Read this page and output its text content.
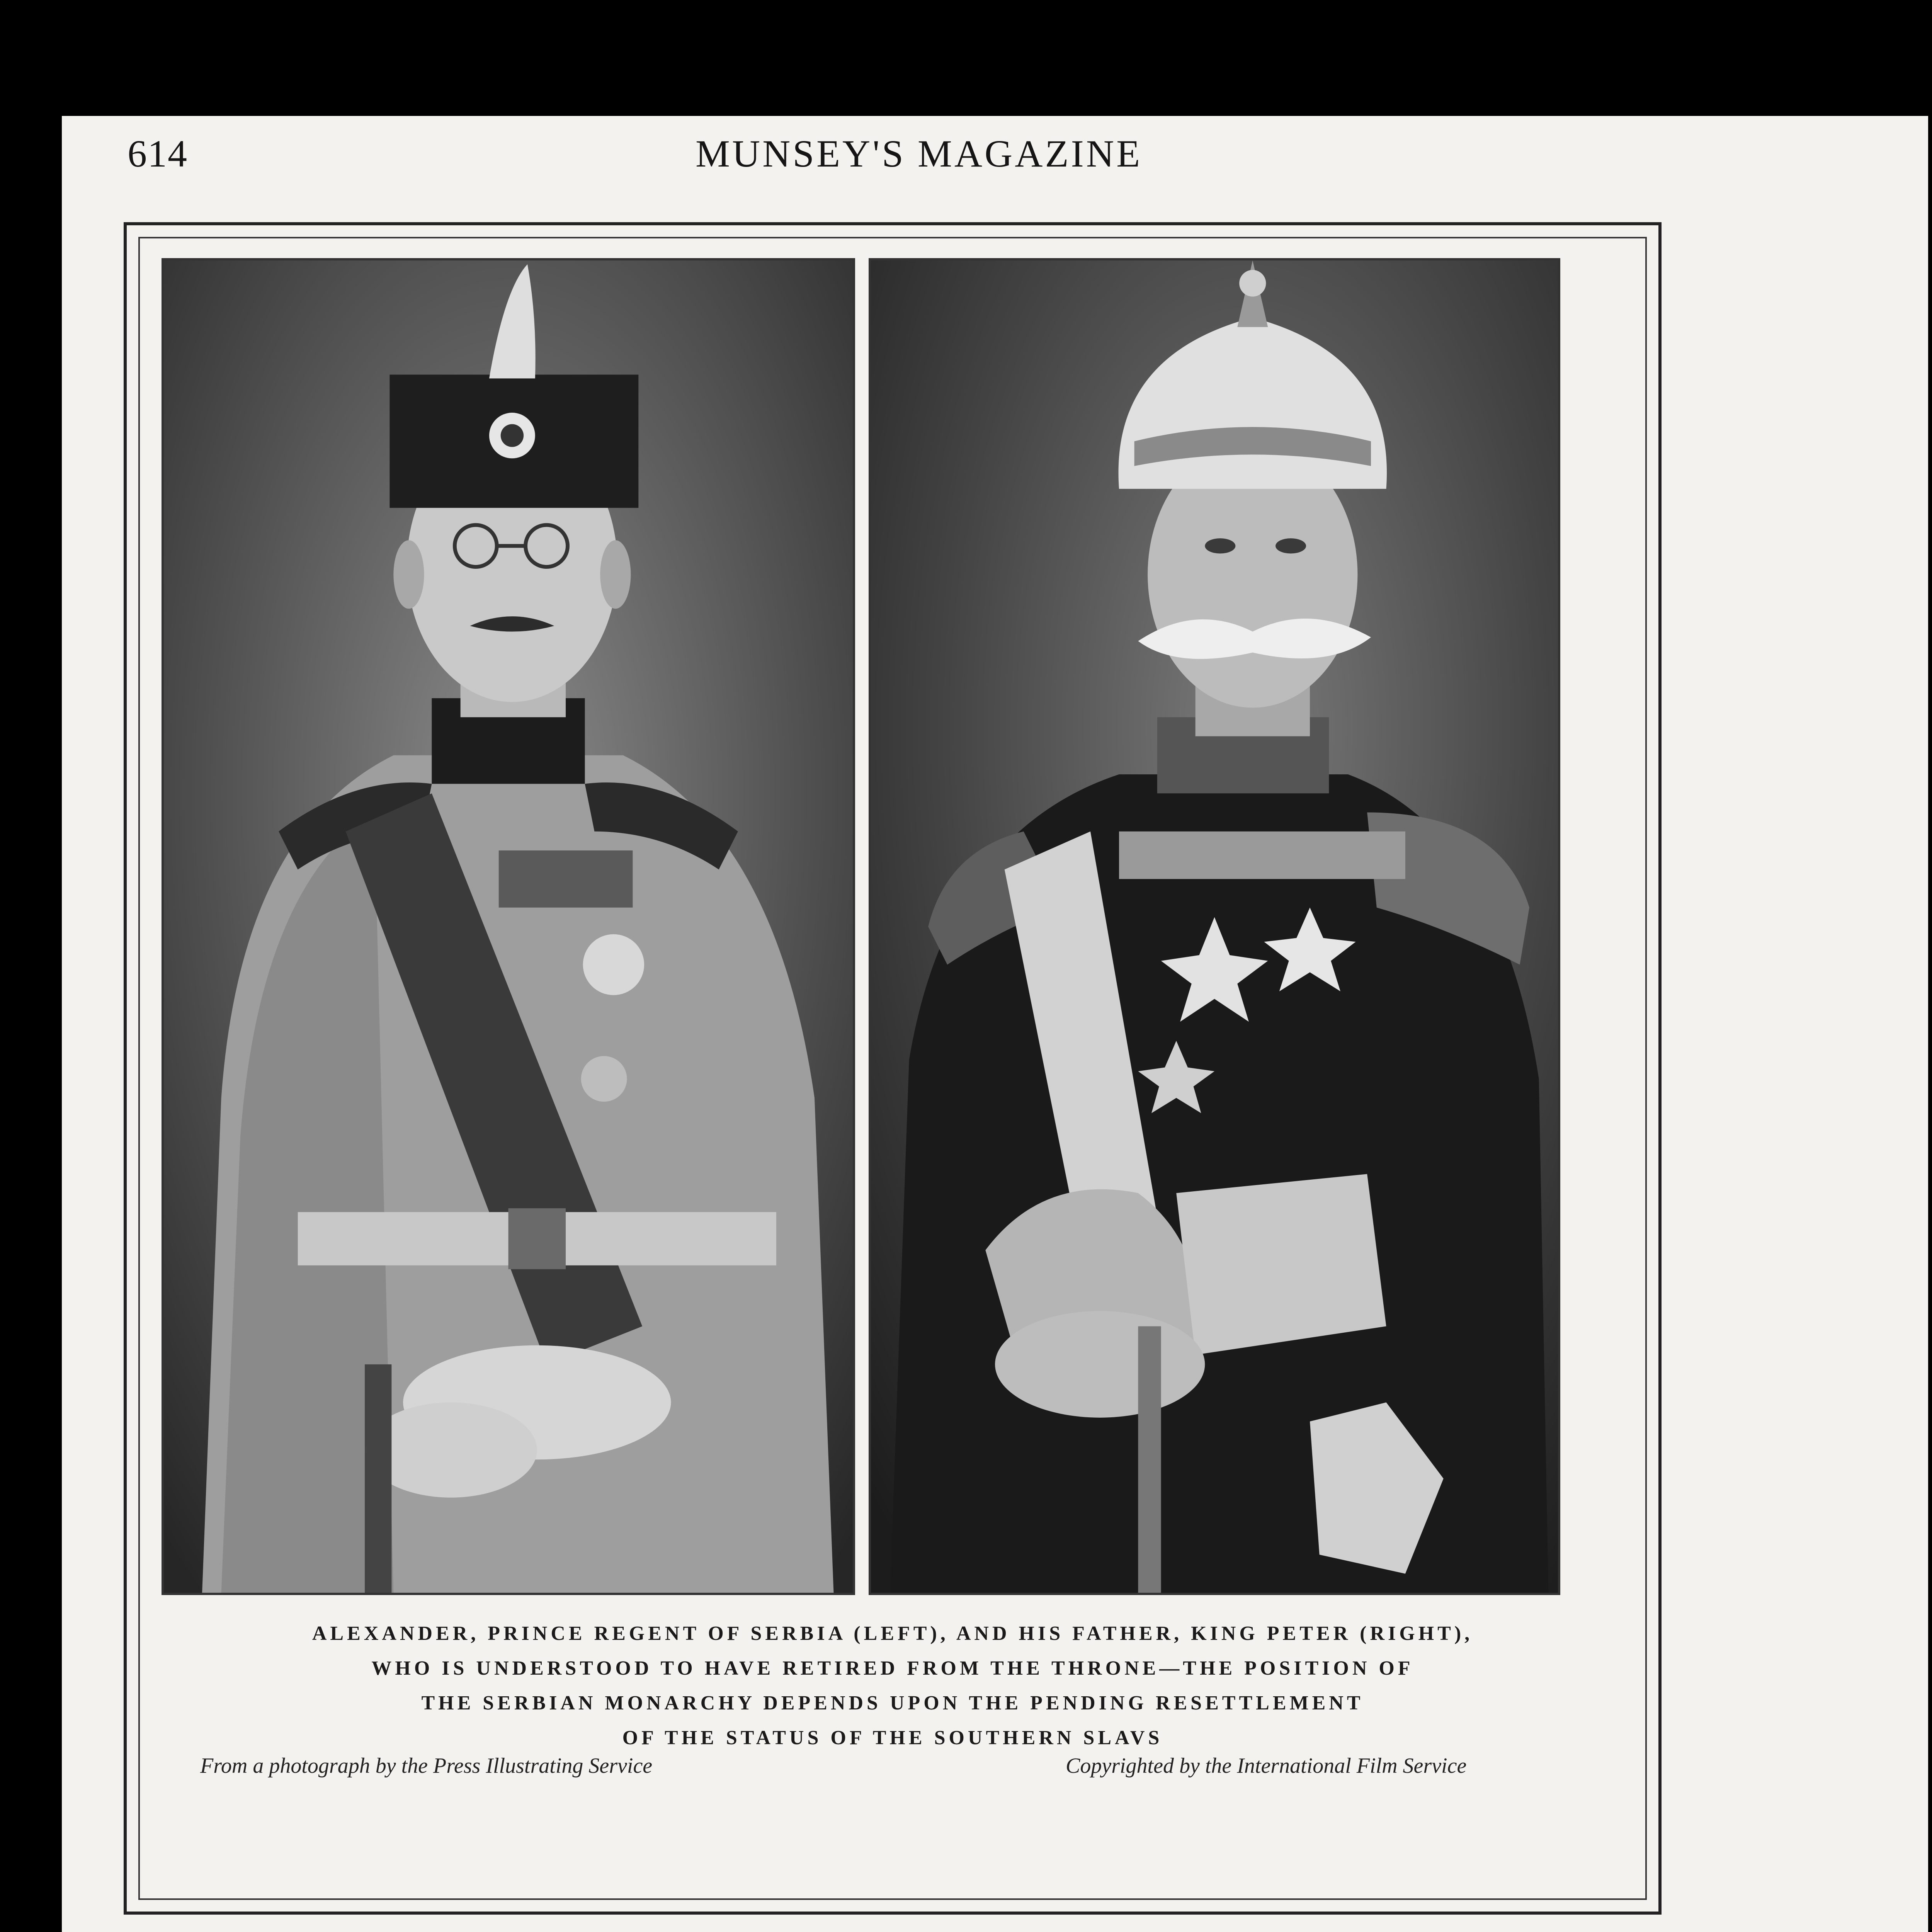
614	MUNSEY'S MAGAZINE
ALEXANDER, PRINCE REGENT OF SERBIA (LEFT), AND HIS FATHER, KING PETER (RIGHT),
WHO IS UNDERSTOOD TO HAVE RETIRED FROM THE THRONE—THE POSITION OF
THE SERBIAN MONARCHY DEPENDS UPON THE PENDING RESETTLEMENT
OF THE STATUS OF THE SOUTHERN SLAVS
From a photograph by the Press Illustrating Service	Copyrighted by the International Film Service
